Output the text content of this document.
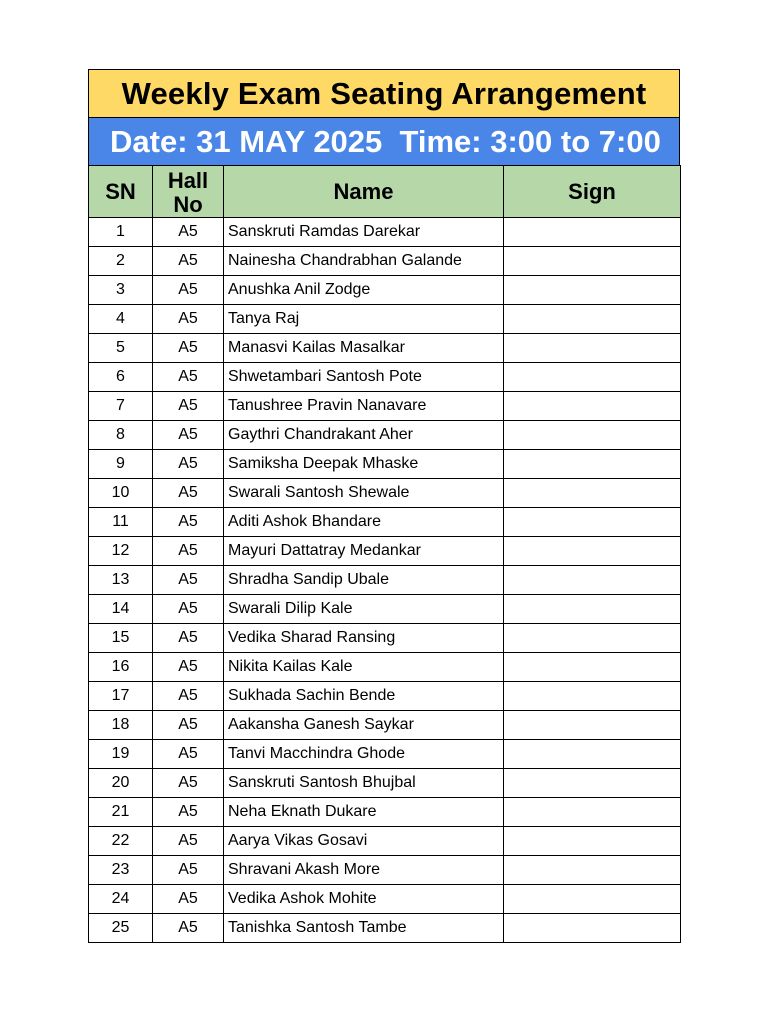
Weekly Exam Seating Arrangement
Date: 31 MAY 2025  Time: 3:00 to 7:00
SN	Hall No	Name	Sign
1	A5	Sanskruti Ramdas Darekar	
2	A5	Nainesha Chandrabhan Galande	
3	A5	Anushka Anil Zodge	
4	A5	Tanya Raj	
5	A5	Manasvi Kailas Masalkar	
6	A5	Shwetambari Santosh Pote	
7	A5	Tanushree Pravin Nanavare	
8	A5	Gaythri Chandrakant Aher	
9	A5	Samiksha Deepak Mhaske	
10	A5	Swarali Santosh Shewale	
11	A5	Aditi Ashok Bhandare	
12	A5	Mayuri Dattatray Medankar	
13	A5	Shradha Sandip Ubale	
14	A5	Swarali Dilip Kale	
15	A5	Vedika Sharad Ransing	
16	A5	Nikita Kailas Kale	
17	A5	Sukhada Sachin Bende	
18	A5	Aakansha Ganesh Saykar	
19	A5	Tanvi Macchindra Ghode	
20	A5	Sanskruti Santosh Bhujbal	
21	A5	Neha Eknath Dukare	
22	A5	Aarya Vikas Gosavi	
23	A5	Shravani Akash More	
24	A5	Vedika Ashok Mohite	
25	A5	Tanishka Santosh Tambe	
